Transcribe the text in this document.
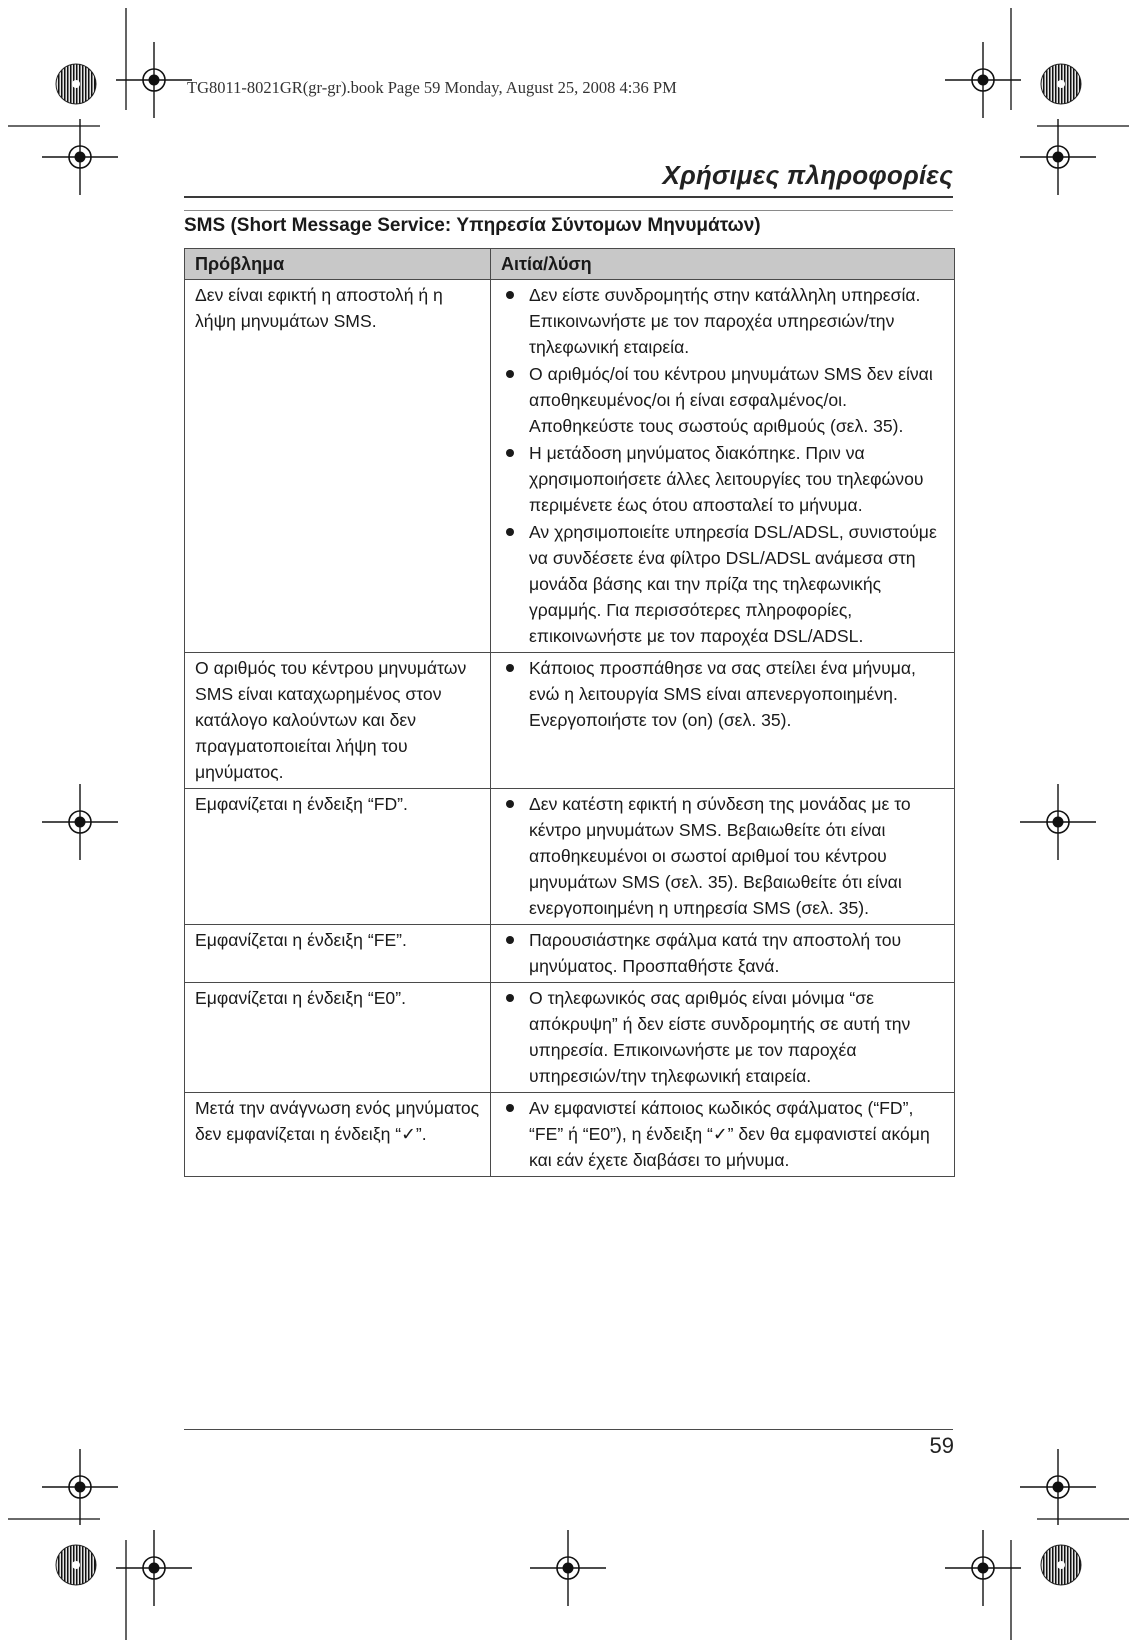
TG8011-8021GR(gr-gr).book Page 59 Monday, August 25, 2008 4:36 PM

Χρήσιμες πληροφορίες
SMS (Short Message Service: Υπηρεσία Σύντομων Μηνυμάτων)
Πρόβλημα	Αιτία/λύση
Δεν είναι εφικτή η αποστολή ή η λήψη μηνυμάτων SMS.	Δεν είστε συνδρομητής στην κατάλληλη υπηρεσία. Επικοινωνήστε με τον παροχέα υπηρεσιών/την τηλεφωνική εταιρεία.

Ο αριθμός/οί του κέντρου μηνυμάτων SMS δεν είναι αποθηκευμένος/οι ή είναι εσφαλμένος/οι. Αποθηκεύστε τους σωστούς αριθμούς (σελ. 35).

Η μετάδοση μηνύματος διακόπηκε. Πριν να χρησιμοποιήσετε άλλες λειτουργίες του τηλεφώνου περιμένετε έως ότου αποσταλεί το μήνυμα.

Αν χρησιμοποιείτε υπηρεσία DSL/ADSL, συνιστούμε να συνδέσετε ένα φίλτρο DSL/ADSL ανάμεσα στη μονάδα βάσης και την πρίζα της τηλεφωνικής γραμμής. Για περισσότερες πληροφορίες, επικοινωνήστε με τον παροχέα DSL/ADSL.

Ο αριθμός του κέντρου μηνυμάτων SMS είναι καταχωρημένος στον κατάλογο καλούντων και δεν πραγματοποιείται λήψη του μηνύματος.	Κάποιος προσπάθησε να σας στείλει ένα μήνυμα, ενώ η λειτουργία SMS είναι απενεργοποιημένη. Ενεργοποιήστε τον (on) (σελ. 35).

Εμφανίζεται η ένδειξη “FD”.	Δεν κατέστη εφικτή η σύνδεση της μονάδας με το κέντρο μηνυμάτων SMS. Βεβαιωθείτε ότι είναι αποθηκευμένοι οι σωστοί αριθμοί του κέντρου μηνυμάτων SMS (σελ. 35). Βεβαιωθείτε ότι είναι ενεργοποιημένη η υπηρεσία SMS (σελ. 35).

Εμφανίζεται η ένδειξη “FE”.	Παρουσιάστηκε σφάλμα κατά την αποστολή του μηνύματος. Προσπαθήστε ξανά.

Εμφανίζεται η ένδειξη “E0”.	Ο τηλεφωνικός σας αριθμός είναι μόνιμα “σε απόκρυψη” ή δεν είστε συνδρομητής σε αυτή την υπηρεσία. Επικοινωνήστε με τον παροχέα υπηρεσιών/την τηλεφωνική εταιρεία.

Μετά την ανάγνωση ενός μηνύματος δεν εμφανίζεται η ένδειξη “✓”.	Αν εμφανιστεί κάποιος κωδικός σφάλματος (“FD”, “FE” ή “E0”), η ένδειξη “✓” δεν θα εμφανιστεί ακόμη και εάν έχετε διαβάσει το μήνυμα.

59
